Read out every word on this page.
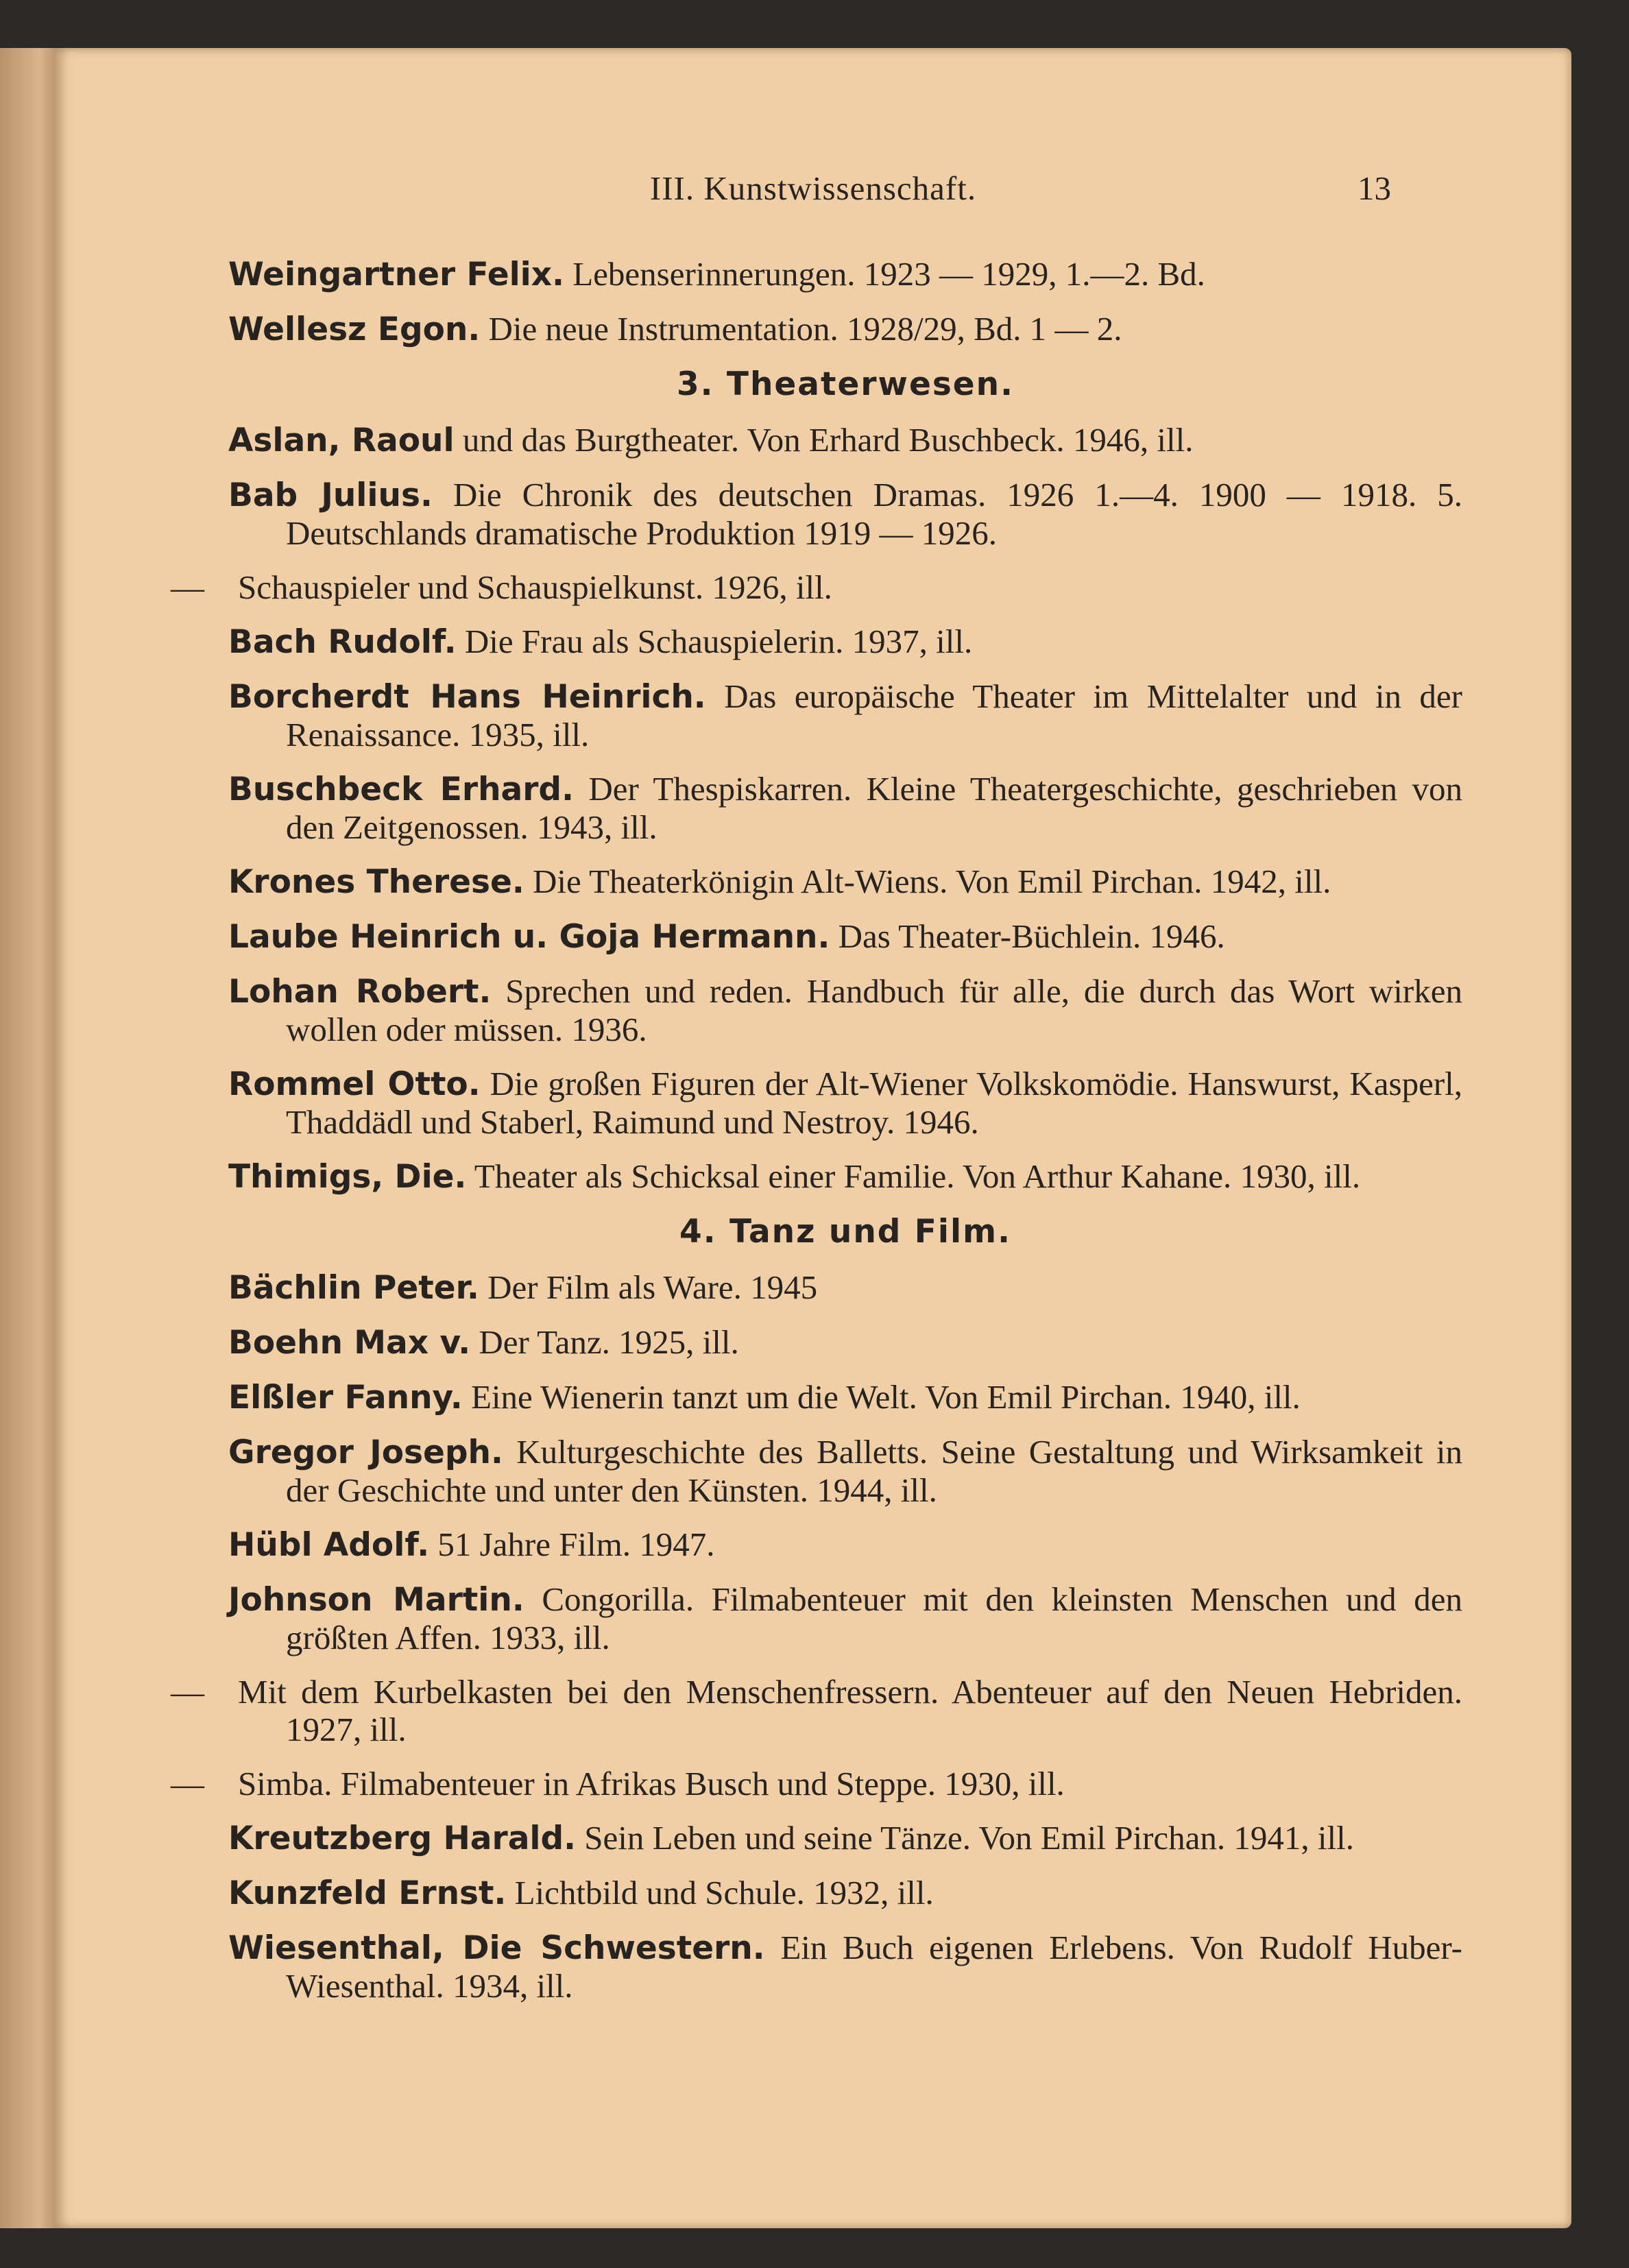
III. Kunstwissenschaft.	13
Weingartner Felix. Lebenserinnerungen. 1923 — 1929, 1.—2. Bd.
Wellesz Egon. Die neue Instrumentation. 1928/29, Bd. 1 — 2.
3. Theaterwesen.
Aslan, Raoul und das Burgtheater. Von Erhard Buschbeck. 1946, ill.
Bab Julius. Die Chronik des deutschen Dramas. 1926 1.—4. 1900 — 1918. 5. Deutschlands dramatische Produktion 1919 — 1926.
— Schauspieler und Schauspielkunst. 1926, ill.
Bach Rudolf. Die Frau als Schauspielerin. 1937, ill.
Borcherdt Hans Heinrich. Das europäische Theater im Mittelalter und in der Renaissance. 1935, ill.
Buschbeck Erhard. Der Thespiskarren. Kleine Theatergeschichte, geschrieben von den Zeitgenossen. 1943, ill.
Krones Therese. Die Theaterkönigin Alt-Wiens. Von Emil Pirchan. 1942, ill.
Laube Heinrich u. Goja Hermann. Das Theater-Büchlein. 1946.
Lohan Robert. Sprechen und reden. Handbuch für alle, die durch das Wort wirken wollen oder müssen. 1936.
Rommel Otto. Die großen Figuren der Alt-Wiener Volkskomödie. Hanswurst, Kasperl, Thaddädl und Staberl, Raimund und Nestroy. 1946.
Thimigs, Die. Theater als Schicksal einer Familie. Von Arthur Kahane. 1930, ill.
4. Tanz und Film.
Bächlin Peter. Der Film als Ware. 1945
Boehn Max v. Der Tanz. 1925, ill.
Elßler Fanny. Eine Wienerin tanzt um die Welt. Von Emil Pirchan. 1940, ill.
Gregor Joseph. Kulturgeschichte des Balletts. Seine Gestaltung und Wirksamkeit in der Geschichte und unter den Künsten. 1944, ill.
Hübl Adolf. 51 Jahre Film. 1947.
Johnson Martin. Congorilla. Filmabenteuer mit den kleinsten Menschen und den größten Affen. 1933, ill.
— Mit dem Kurbelkasten bei den Menschenfressern. Abenteuer auf den Neuen Hebriden. 1927, ill.
— Simba. Filmabenteuer in Afrikas Busch und Steppe. 1930, ill.
Kreutzberg Harald. Sein Leben und seine Tänze. Von Emil Pirchan. 1941, ill.
Kunzfeld Ernst. Lichtbild und Schule. 1932, ill.
Wiesenthal, Die Schwestern. Ein Buch eigenen Erlebens. Von Rudolf Huber-Wiesenthal. 1934, ill.
